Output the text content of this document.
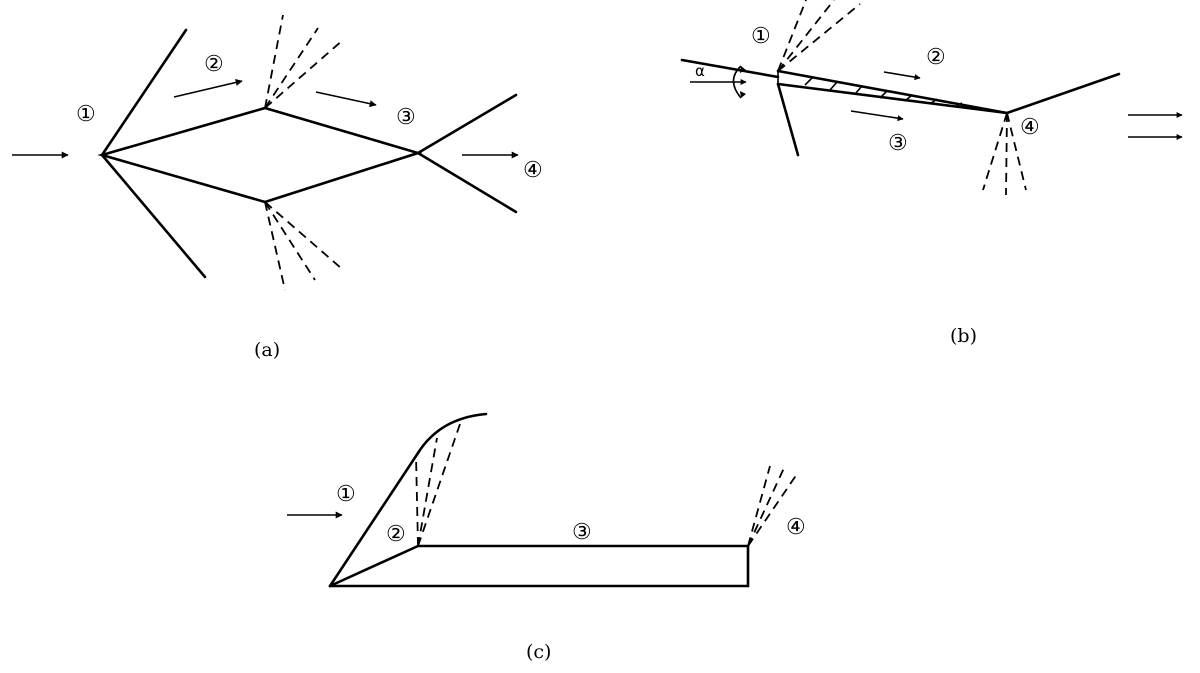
①
②
③
④
(a)
α
①
②
③
④
(b)
①
②	③	④
(c)
